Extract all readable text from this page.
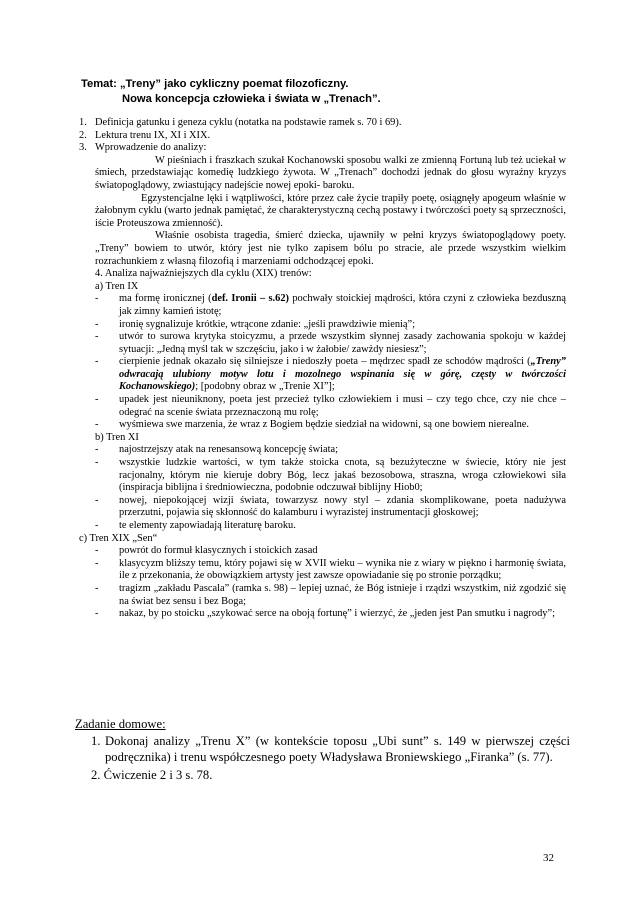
Temat: „Treny” jako cykliczny poemat filozoficzny.
Nowa koncepcja człowieka i świata w „Trenach”.
1. Definicja gatunku i geneza cyklu (notatka na podstawie ramek s. 70 i 69).
2. Lektura trenu IX, XI i XIX.
3. Wprowadzenie do analizy:
W pieśniach i fraszkach szukał Kochanowski sposobu walki ze zmienną Fortuną lub też uciekał w śmiech, przedstawiając komedię ludzkiego żywota. W „Trenach” dochodzi jednak do głosu wyraźny kryzys światopoglądowy, zwiastujący nadejście nowej epoki- baroku.
Egzystencjalne lęki i wątpliwości, które przez całe życie trapiły poetę, osiągnęły apogeum właśnie w żałobnym cyklu (warto jednak pamiętać, że charakterystyczną cechą postawy i twórczości poety są sprzeczności, iście Proteuszowa zmienność).
Właśnie osobista tragedia, śmierć dziecka, ujawniły w pełni kryzys światopoglądowy poety. „Treny” bowiem to utwór, który jest nie tylko zapisem bólu po stracie, ale przede wszystkim wielkim rozrachunkiem z własną filozofią i marzeniami odchodzącej epoki.
4. Analiza najważniejszych dla cyklu (XIX) trenów:
a) Tren IX
- ma formę ironicznej (def. Ironii – s.62) pochwały stoickiej mądrości, która czyni z człowieka bezduszną jak zimny kamień istotę;
- ironię sygnalizuje krótkie, wtrącone zdanie: „jeśli prawdziwie mienią”;
- utwór to surowa krytyka stoicyzmu, a przede wszystkim słynnej zasady zachowania spokoju w każdej sytuacji: „Jedną myśl tak w szczęściu, jako i w żałobie/ zawżdy niesiesz”;
- cierpienie jednak okazało się silniejsze i niedoszły poeta – mędrzec spadł ze schodów mądrości („Treny” odwracają ulubiony motyw lotu i mozolnego wspinania się w górę, częsty w twórczości Kochanowskiego); [podobny obraz w „Trenie XI”];
- upadek jest nieuniknony, poeta jest przecież tylko człowiekiem i musi – czy tego chce, czy nie chce – odegrać na scenie świata przeznaczoną mu rolę;
- wyśmiewa swe marzenia, że wraz z Bogiem będzie siedział na widowni, są one bowiem nierealne.
b) Tren XI
- najostrzejszy atak na renesansową koncepcję świata;
- wszystkie ludzkie wartości, w tym także stoicka cnota, są bezużyteczne w świecie, który nie jest racjonalny, którym nie kieruje dobry Bóg, lecz jakaś bezosobowa, straszna, wroga człowiekowi siła (inspiracja biblijna i średniowieczna, podobnie odczuwał biblijny Hiob0;
- nowej, niepokojącej wizji świata, towarzysz nowy styl – zdania skomplikowane, poeta nadużywa przerzutni, pojawia się skłonność do kalamburu i wyrazistej instrumentacji głoskowej;
- te elementy zapowiadają literaturę baroku.
c) Tren XIX „Sen“
- powrót do formuł klasycznych i stoickich zasad
- klasycyzm bliższy temu, który pojawi się w XVII wieku – wynika nie z wiary w piękno i harmonię świata, ile z przekonania, że obowiązkiem artysty jest zawsze opowiadanie się po stronie porządku;
- tragizm „zakładu Pascala” (ramka s. 98) – lepiej uznać, że Bóg istnieje i rządzi wszystkim, niż zgodzić się na świat bez sensu i bez Boga;
- nakaz, by po stoicku „szykować serce na oboją fortunę” i wierzyć, że „jeden jest Pan smutku i nagrody”;
Zadanie domowe:
1. Dokonaj analizy „Trenu X” (w kontekście toposu „Ubi sunt” s. 149 w pierwszej części podręcznika) i trenu współczesnego poety Władysława Broniewskiego „Firanka” (s. 77).
2. Ćwiczenie 2 i 3 s. 78.
32
